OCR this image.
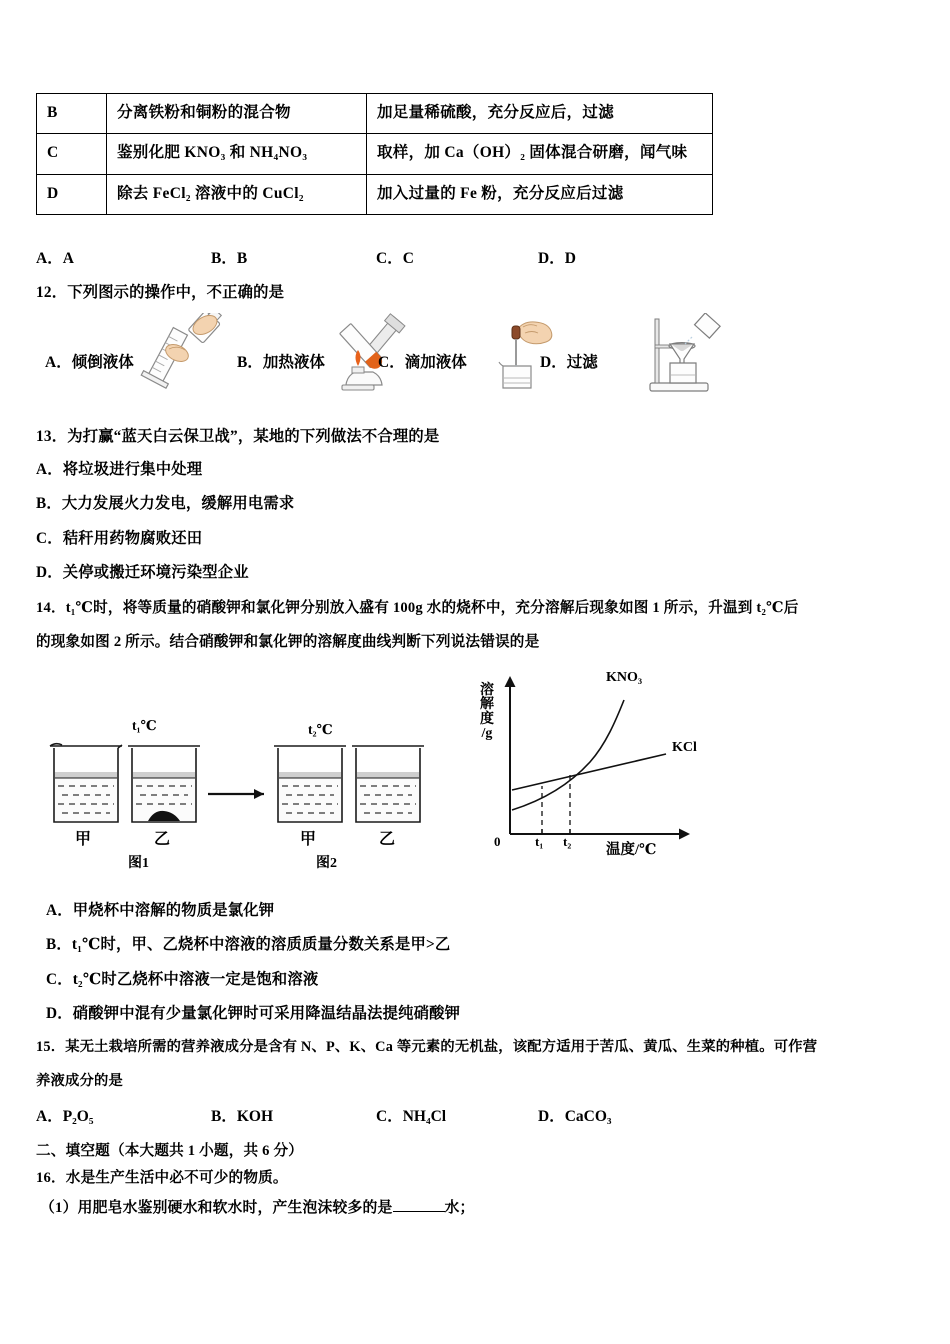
B	分离铁粉和铜粉的混合物	加足量稀硫酸，充分反应后，过滤
C	鉴别化肥 KNO₃ 和 NH₄NO₃	取样，加 Ca（OH）₂ 固体混合研磨，闻气味
D	除去 FeCl₂ 溶液中的 CuCl₂	加入过量的 Fe 粉，充分反应后过滤
A．A	B．B	C．C	D．D
12．下列图示的操作中，不正确的是
A．倾倒液体	B．加热液体	C．滴加液体	D．过滤
13．为打赢“蓝天白云保卫战”，某地的下列做法不合理的是
A．将垃圾进行集中处理
B．大力发展火力发电，缓解用电需求
C．秸秆用药物腐败还田
D．关停或搬迁环境污染型企业
14．t₁℃时，将等质量的硝酸钾和氯化钾分别放入盛有 100g 水的烧杯中，充分溶解后现象如图 1 所示，升温到 t₂℃后
的现象如图 2 所示。结合硝酸钾和氯化钾的溶解度曲线判断下列说法错误的是
t₁℃	t₂℃
甲	乙	甲	乙
图1	图2
溶
解
度
/g
KNO₃
KCl
0	t₁ t₂
温度/℃
A．甲烧杯中溶解的物质是氯化钾
B．t₁℃时，甲、乙烧杯中溶液的溶质质量分数关系是甲>乙
C．t₂℃时乙烧杯中溶液一定是饱和溶液
D．硝酸钾中混有少量氯化钾时可采用降温结晶法提纯硝酸钾
15．某无土栽培所需的营养液成分是含有 N、P、K、Ca 等元素的无机盐，该配方适用于苦瓜、黄瓜、生菜的种植。可作营
养液成分的是
A．P₂O₅	B．KOH	C．NH₄Cl	D．CaCO₃
二、填空题（本大题共 1 小题，共 6 分）
16．水是生产生活中必不可少的物质。
（1）用肥皂水鉴别硬水和软水时，产生泡沫较多的是	水；
